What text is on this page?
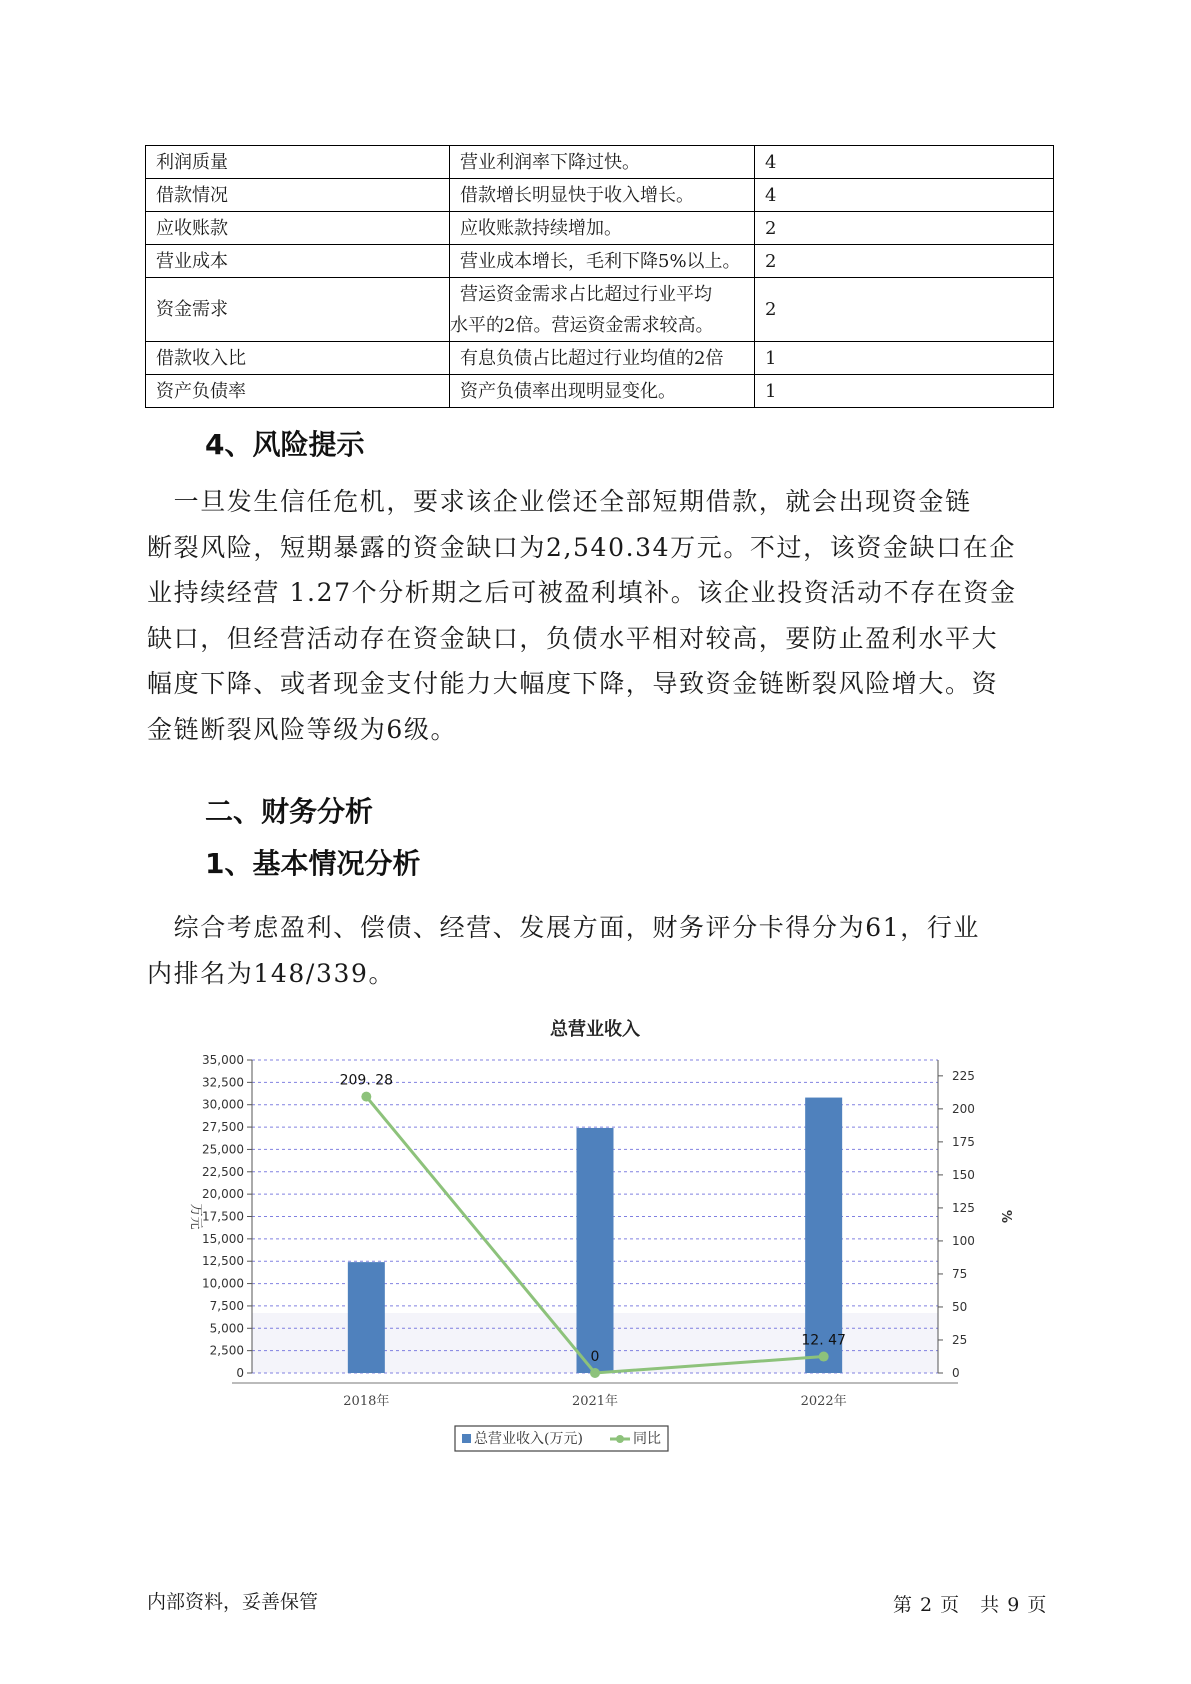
利润质量	营业利润率下降过快。	4
借款情况	借款增长明显快于收入增长。	4
应收账款	应收账款持续增加。	2
营业成本	营业成本增长，毛利下降5%以上。	2
资金需求	营运资金需求占比超过行业平均
水平的2倍。营运资金需求较高。	2
借款收入比	有息负债占比超过行业均值的2倍	1
资产负债率	资产负债率出现明显变化。	1
4、风险提示
　一旦发生信任危机，要求该企业偿还全部短期借款，就会出现资金链
断裂风险，短期暴露的资金缺口为2,540.34万元。不过，该资金缺口在企
业持续经营 1.27个分析期之后可被盈利填补。该企业投资活动不存在资金
缺口，但经营活动存在资金缺口，负债水平相对较高，要防止盈利水平大
幅度下降、或者现金支付能力大幅度下降，导致资金链断裂风险增大。资
金链断裂风险等级为6级。
二、财务分析
1、基本情况分析
　综合考虑盈利、偿债、经营、发展方面，财务评分卡得分为61，行业
内排名为148/339。
总营业收入
0
2,500
5,000
7,500
10,000
12,500
15,000
17,500
20,000
22,500
25,000
27,500
30,000
32,500
35,000
0
25
50
75
100
125
150
175
200
225
万元	%
2018年	2021年	2022年
209. 28
0
12. 47
总营业收入(万元)	同比
内部资料，妥善保管	第 2 页　共 9 页
